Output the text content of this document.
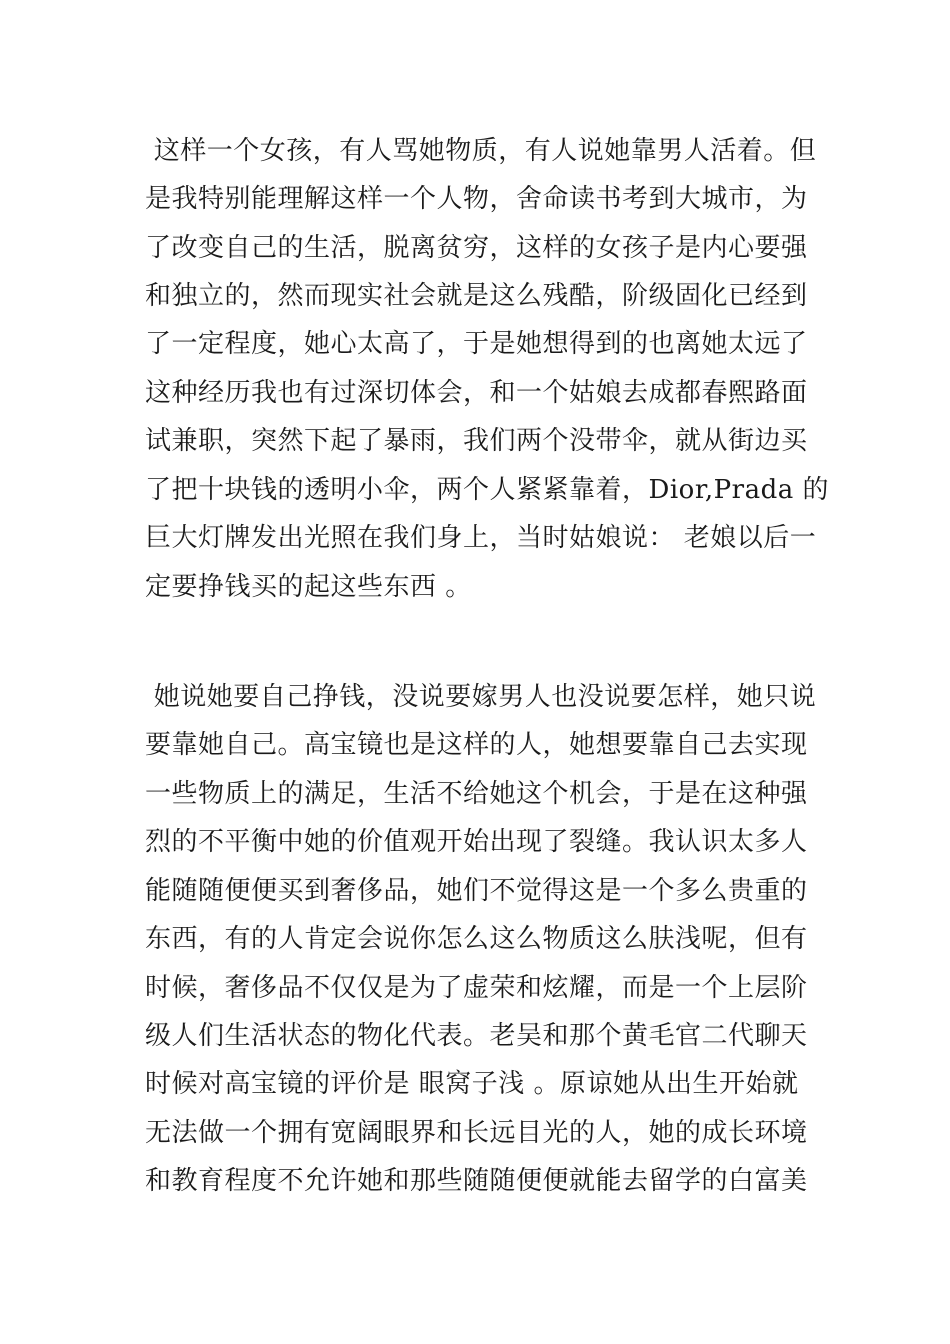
这样一个女孩，有人骂她物质，有人说她靠男人活着。但
是我特别能理解这样一个人物，舍命读书考到大城市，为
了改变自己的生活，脱离贫穷，这样的女孩子是内心要强
和独立的，然而现实社会就是这么残酷，阶级固化已经到
了一定程度，她心太高了，于是她想得到的也离她太远了
这种经历我也有过深切体会，和一个姑娘去成都春熙路面
试兼职，突然下起了暴雨，我们两个没带伞，就从街边买
了把十块钱的透明小伞，两个人紧紧靠着，Dior,Prada 的
巨大灯牌发出光照在我们身上，当时姑娘说： 老娘以后一
定要挣钱买的起这些东西 。
她说她要自己挣钱，没说要嫁男人也没说要怎样，她只说
要靠她自己。高宝镜也是这样的人，她想要靠自己去实现
一些物质上的满足，生活不给她这个机会，于是在这种强
烈的不平衡中她的价值观开始出现了裂缝。我认识太多人
能随随便便买到奢侈品，她们不觉得这是一个多么贵重的
东西，有的人肯定会说你怎么这么物质这么肤浅呢，但有
时候，奢侈品不仅仅是为了虚荣和炫耀，而是一个上层阶
级人们生活状态的物化代表。老吴和那个黄毛官二代聊天
时候对高宝镜的评价是 眼窝子浅 。原谅她从出生开始就
无法做一个拥有宽阔眼界和长远目光的人，她的成长环境
和教育程度不允许她和那些随随便便就能去留学的白富美
